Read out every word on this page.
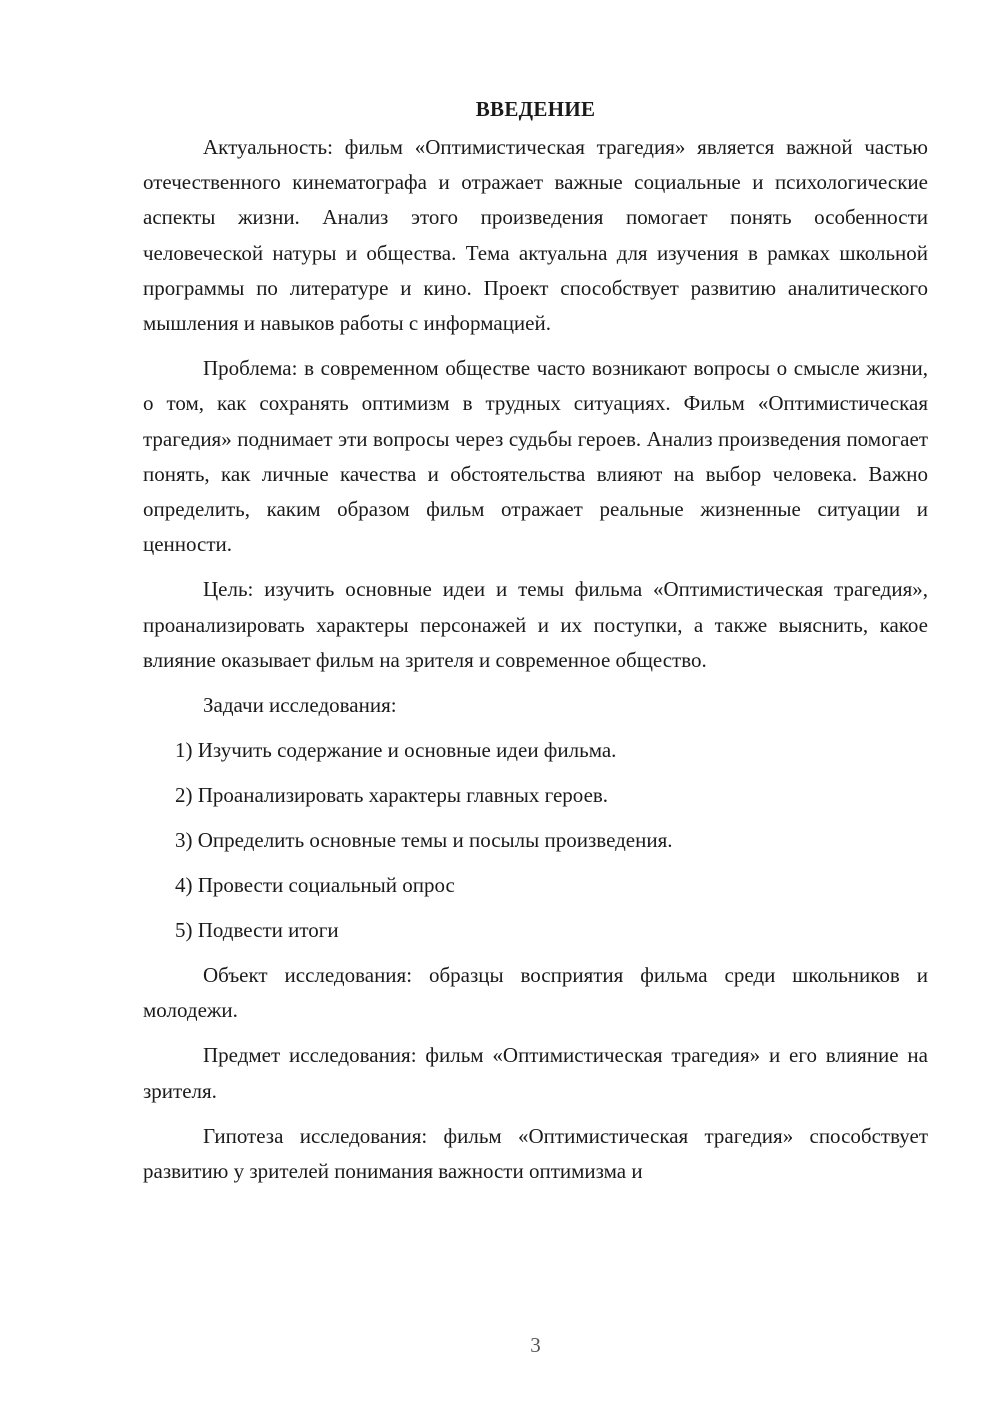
ВВЕДЕНИЕ

Актуальность: фильм «Оптимистическая трагедия» является важной частью отечественного кинематографа и отражает важные социальные и психологические аспекты жизни. Анализ этого произведения помогает понять особенности человеческой натуры и общества. Тема актуальна для изучения в рамках школьной программы по литературе и кино. Проект способствует развитию аналитического мышления и навыков работы с информацией.

Проблема: в современном обществе часто возникают вопросы о смысле жизни, о том, как сохранять оптимизм в трудных ситуациях. Фильм «Оптимистическая трагедия» поднимает эти вопросы через судьбы героев. Анализ произведения помогает понять, как личные качества и обстоятельства влияют на выбор человека. Важно определить, каким образом фильм отражает реальные жизненные ситуации и ценности.

Цель: изучить основные идеи и темы фильма «Оптимистическая трагедия», проанализировать характеры персонажей и их поступки, а также выяснить, какое влияние оказывает фильм на зрителя и современное общество.

Задачи исследования:
1) Изучить содержание и основные идеи фильма.
2) Проанализировать характеры главных героев.
3) Определить основные темы и посылы произведения.
4) Провести социальный опрос
5) Подвести итоги

Объект исследования: образцы восприятия фильма среди школьников и молодежи.

Предмет исследования: фильм «Оптимистическая трагедия» и его влияние на зрителя.

Гипотеза исследования: фильм «Оптимистическая трагедия» способствует развитию у зрителей понимания важности оптимизма и

3
